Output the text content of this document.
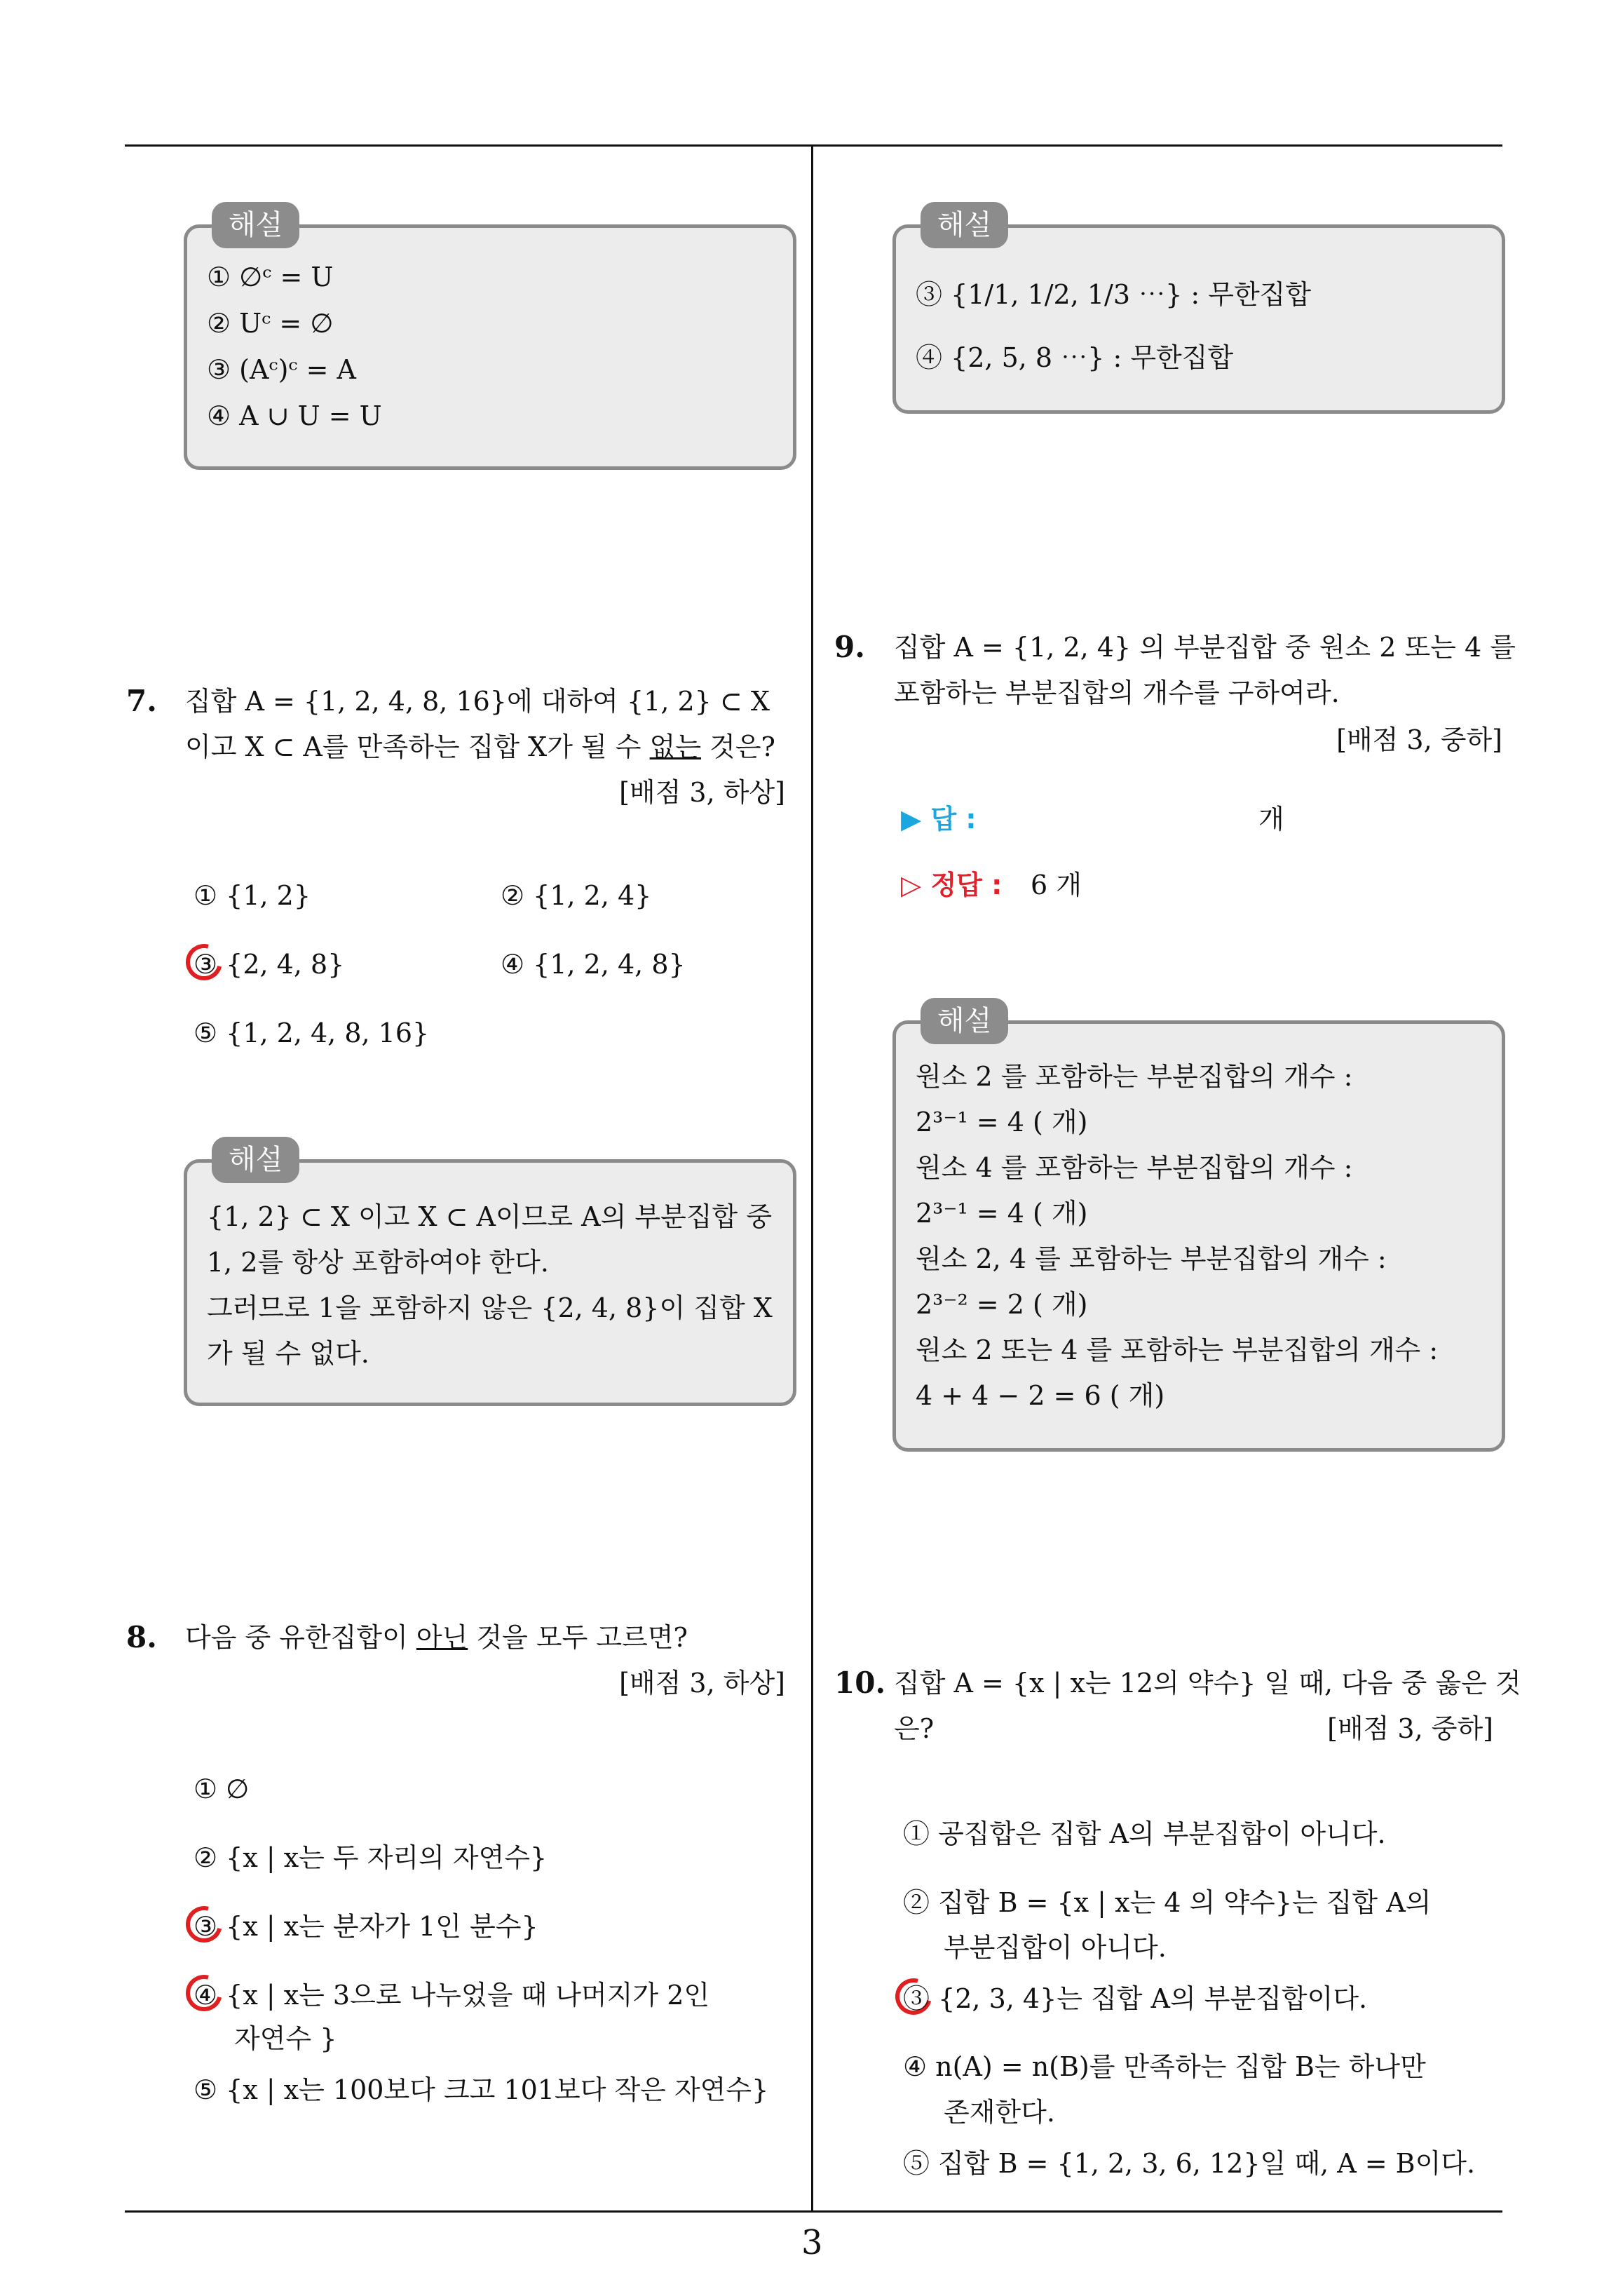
3
해설
① ∅ᶜ = U
② Uᶜ = ∅
③ (Aᶜ)ᶜ = A
④ A ∪ U = U
7. 집합 A = {1, 2, 4, 8, 16}에 대하여 {1, 2} ⊂ X
이고 X ⊂ A를 만족하는 집합 X가 될 수 없는 것은?
[배점 3, 하상]
① {1, 2}	② {1, 2, 4}
③ {2, 4, 8}	④ {1, 2, 4, 8}
⑤ {1, 2, 4, 8, 16}
해설
{1, 2} ⊂ X 이고 X ⊂ A이므로 A의 부분집합 중
1, 2를 항상 포함하여야 한다.
그러므로 1을 포함하지 않은 {2, 4, 8}이 집합 X
가 될 수 없다.
8. 다음 중 유한집합이 아닌 것을 모두 고르면?
[배점 3, 하상]
① ∅
② {x | x는 두 자리의 자연수}
③ {x | x는 분자가 1인 분수}
④ {x | x는 3으로 나누었을 때 나머지가 2인
자연수 }
⑤ {x | x는 100보다 크고 101보다 작은 자연수}
해설
③ {1/1, 1/2, 1/3 ⋯} : 무한집합
④ {2, 5, 8 ⋯} : 무한집합
9. 집합 A = {1, 2, 4} 의 부분집합 중 원소 2 또는 4 를
포함하는 부분집합의 개수를 구하여라.
[배점 3, 중하]
▶ 답 :	개
▷ 정답 : 6 개
해설
원소 2 를 포함하는 부분집합의 개수 :
2³⁻¹ = 4 ( 개)
원소 4 를 포함하는 부분집합의 개수 :
2³⁻¹ = 4 ( 개)
원소 2, 4 를 포함하는 부분집합의 개수 :
2³⁻² = 2 ( 개)
원소 2 또는 4 를 포함하는 부분집합의 개수 :
4 + 4 − 2 = 6 ( 개)
10. 집합 A = {x | x는 12의 약수} 일 때, 다음 중 옳은 것
은?	[배점 3, 중하]
① 공집합은 집합 A의 부분집합이 아니다.
② 집합 B = {x | x는 4 의 약수}는 집합 A의
부분집합이 아니다.
③ {2, 3, 4}는 집합 A의 부분집합이다.
④ n(A) = n(B)를 만족하는 집합 B는 하나만
존재한다.
⑤ 집합 B = {1, 2, 3, 6, 12}일 때, A = B이다.
